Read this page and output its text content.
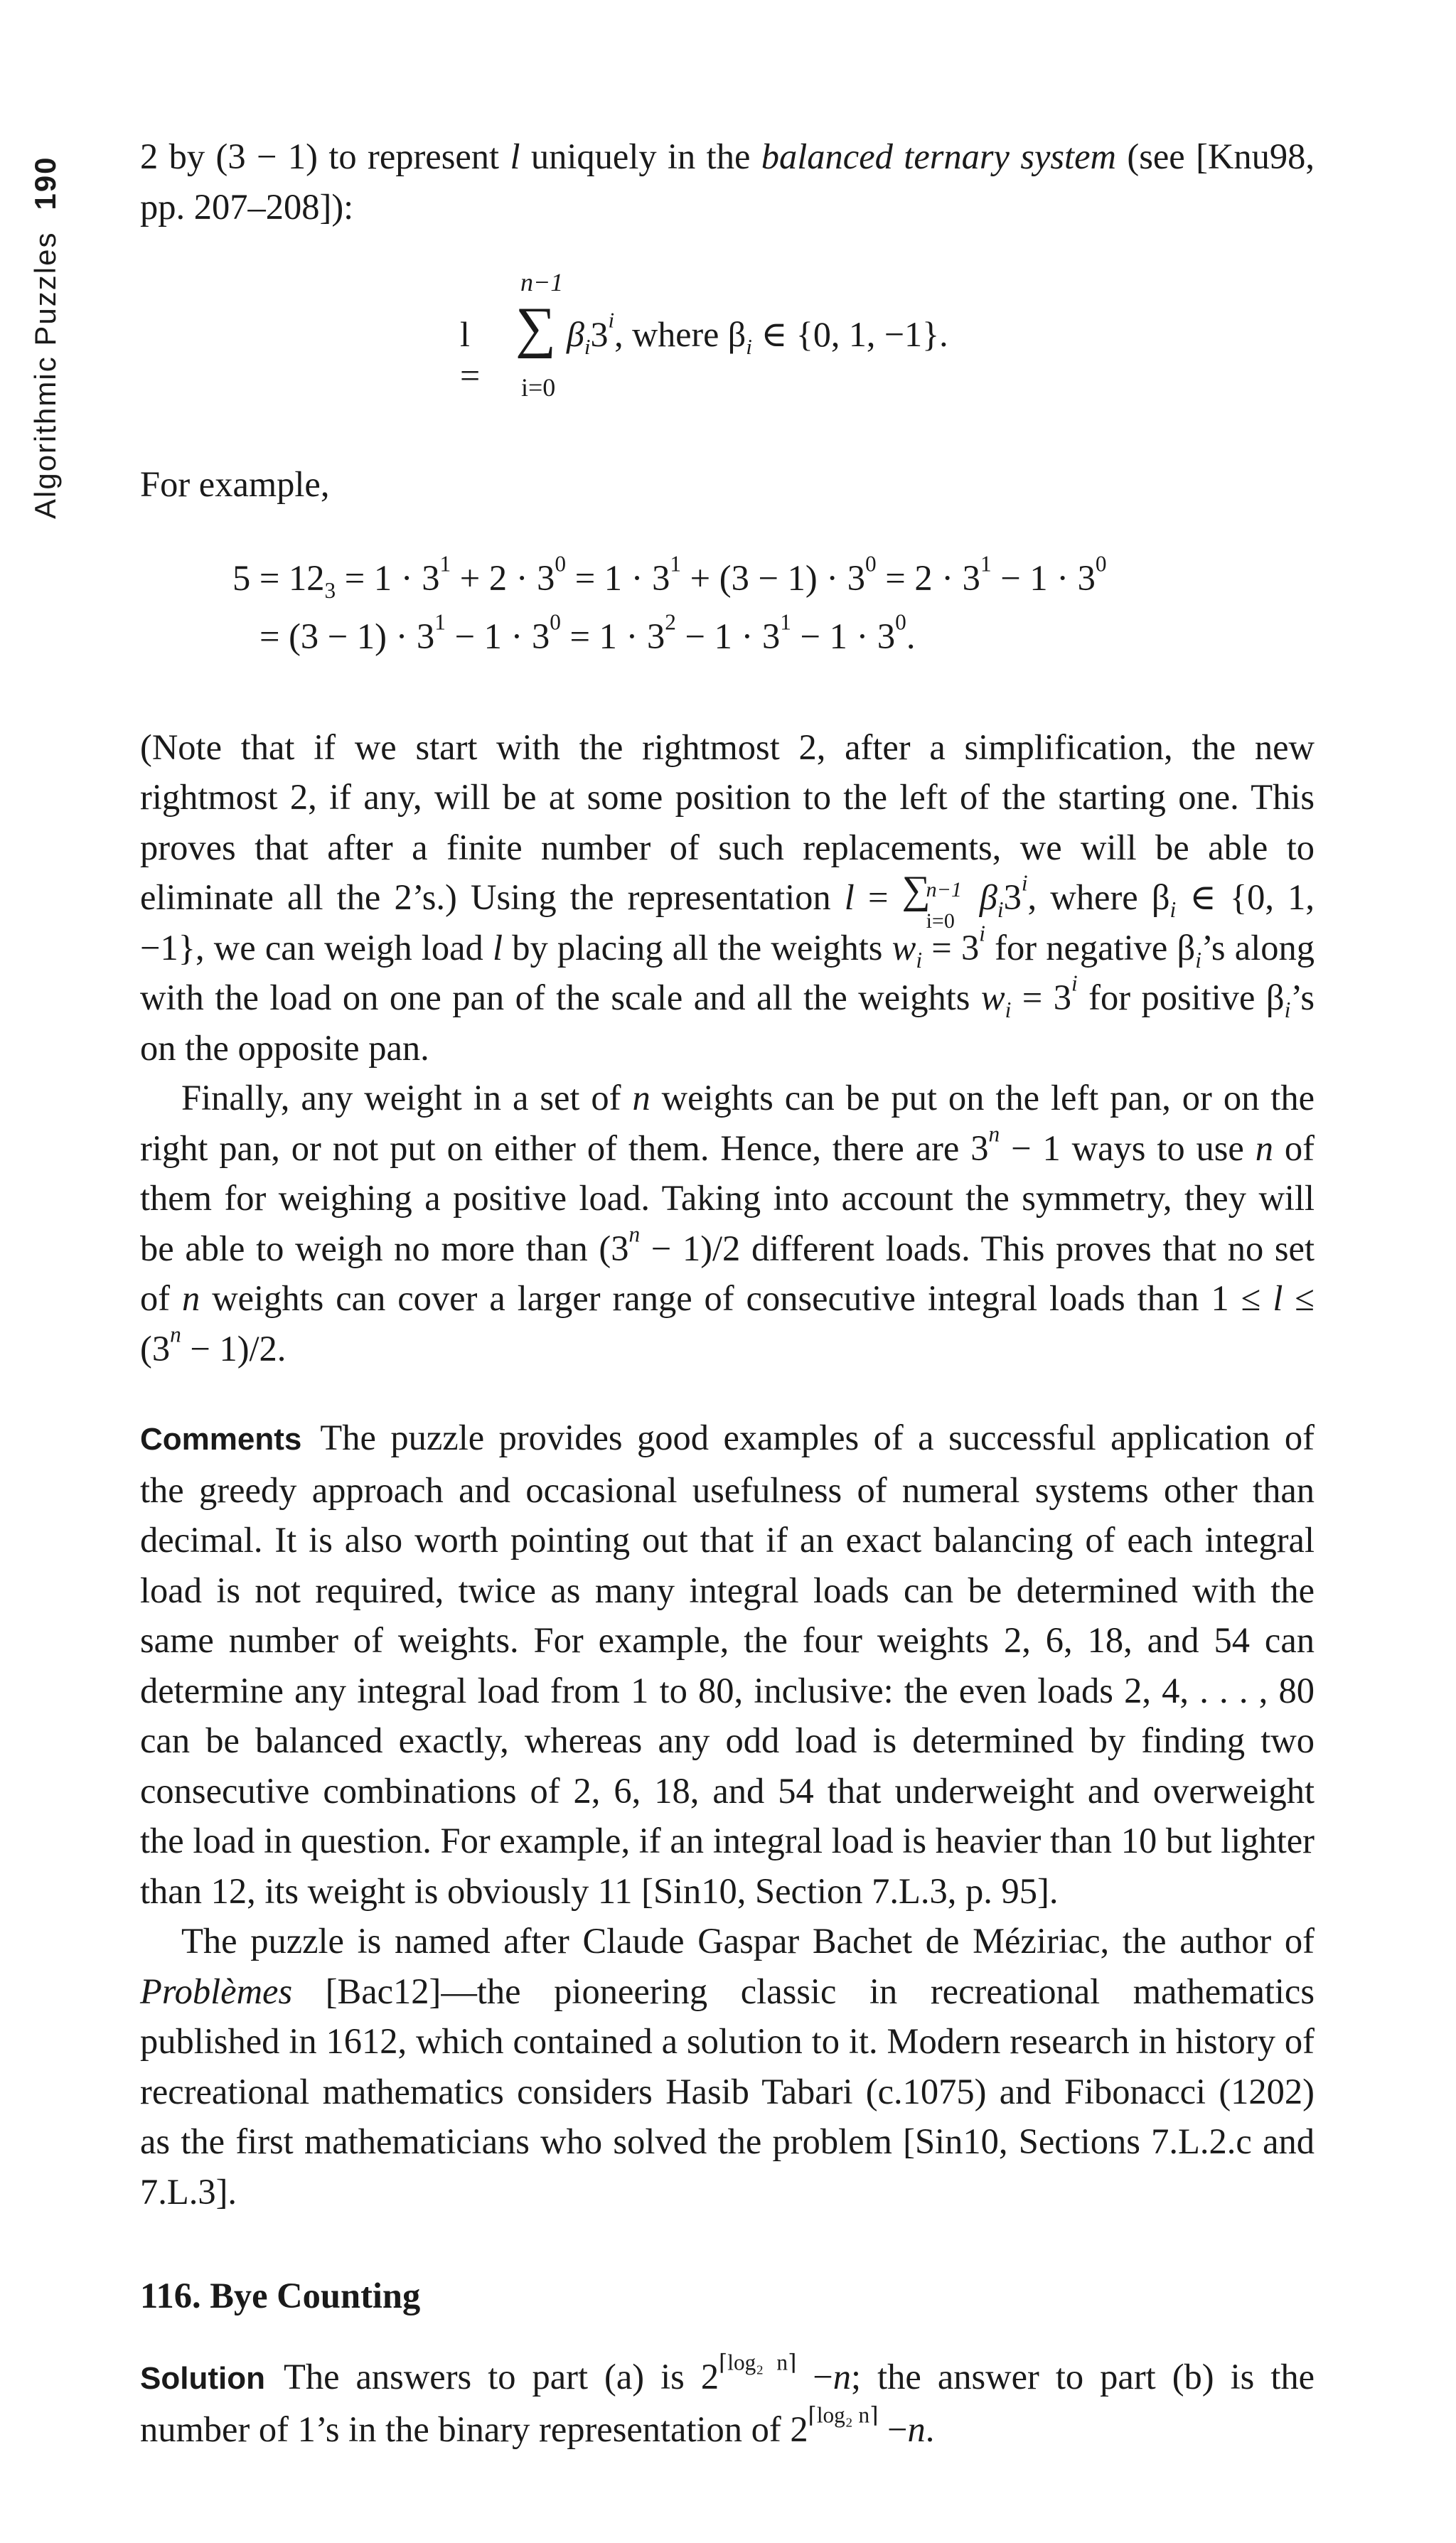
Algorithmic Puzzles190 2 by (3 − 1) to represent l uniquely in the balanced ternary system (see [Knu98, pp. 207–208]):

l =
n−1
∑
i=0
$\beta_i3^i$, where $\beta_i$ ∈ {0, 1, −1}.

For example,

$5 = 12_3 = 1 \cdot 3^1 + 2 \cdot 3^0 = 1 \cdot 3^1 + (3 - 1) \cdot 3^0 = 2 \cdot 3^1 - 1 \cdot 3^0$
= $(3 - 1) \cdot 3^1 - 1 \cdot 3^0 = 1 \cdot 3^2 - 1 \cdot 3^1 - 1 \cdot 3^0$.

(Note that if we start with the rightmost 2, after a simplification, the new rightmost 2, if any, will be at some position to the left of the starting one. This proves that after a finite number of such replacements, we will be able to eliminate all the 2’s.) Using the representation l = ∑
n−1
i=0
$\beta_i3^i$, where $\beta_i$ ∈ {0, 1, −1}, we can weigh load l by placing all the weights $w_i = 3^i$ for negative $\beta_i’s$ along with the load on one pan of the scale and all the weights $w_i = 3^i$ for positive $\beta_i’s$ on the opposite pan.

Finally, any weight in a set of n weights can be put on the left pan, or on the right pan, or not put on either of them. Hence, there are $3^n - 1$ ways to use n of them for weighing a positive load. Taking into account the symmetry, they will be able to weigh no more than $(3^n - 1)/2$ different loads. This proves that no set of n weights can cover a larger range of consecutive integral loads than $1 \le l \le (3^n - 1)/2$.

Comments The puzzle provides good examples of a successful application of the greedy approach and occasional usefulness of numeral systems other than decimal. It is also worth pointing out that if an exact balancing of each integral load is not required, twice as many integral loads can be determined with the same number of weights. For example, the four weights 2, 6, 18, and 54 can determine any integral load from 1 to 80, inclusive: the even loads 2, 4, . . . , 80 can be balanced exactly, whereas any odd load is determined by finding two consecutive combinations of 2, 6, 18, and 54 that underweight and overweight the load in question. For example, if an integral load is heavier than 10 but lighter than 12, its weight is obviously 11 [Sin10, Section 7.L.3, p. 95].

The puzzle is named after Claude Gaspar Bachet de Méziriac, the author of Problèmes [Bac12]—the pioneering classic in recreational mathematics published in 1612, which contained a solution to it. Modern research in history of recreational mathematics considers Hasib Tabari (c.1075) and Fibonacci (1202) as the first mathematicians who solved the problem [Sin10, Sections 7.L.2.c and 7.L.3].

116. Bye Counting

Solution The answers to part (a) is $2^{⌈log_2 n⌉} -n$; the answer to part (b) is the number of 1’s in the binary representation of $2^{⌈log_2 n⌉} -n$.
